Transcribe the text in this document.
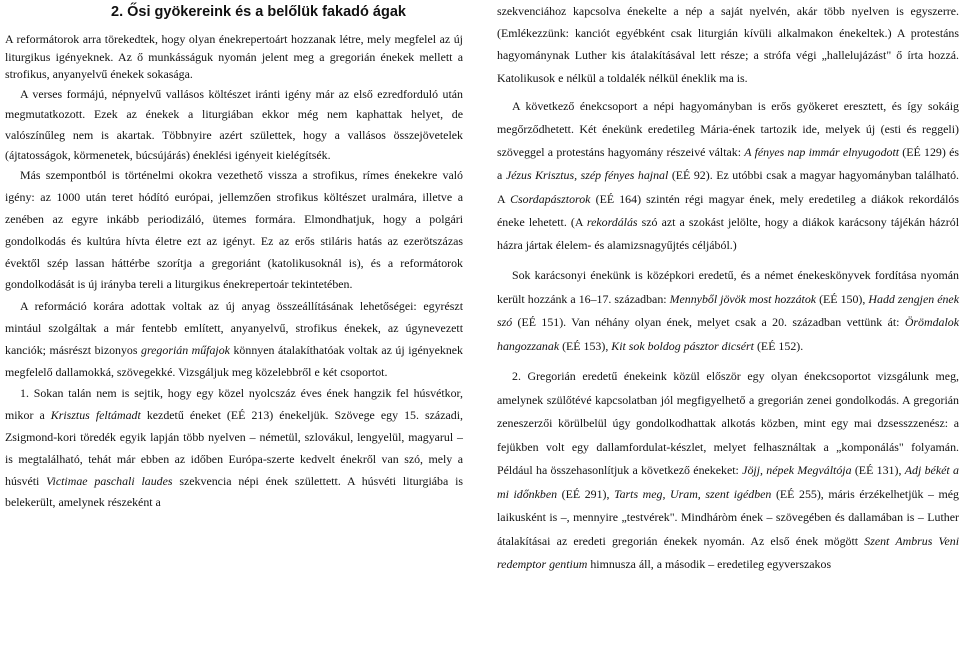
2. Ősi gyökereink és a belőlük fakadó ágak

A reformátorok arra törekedtek, hogy olyan énekrepertoárt hozzanak létre, mely megfelel az új liturgikus igényeknek. Az ő munkásságuk nyomán jelent meg a gregorián énekek mellett a strofikus, anyanyelvű énekek sokasága.

A verses formájú, népnyelvű vallásos költészet iránti igény már az első ezredforduló után megmutatkozott. Ezek az énekek a liturgiában ekkor még nem kaphattak helyet, de valószínűleg nem is akartak. Többnyire azért születtek, hogy a vallásos összejövetelek (ájtatosságok, körmenetek, búcsújárás) éneklési igényeit kielégítsék.

Más szempontból is történelmi okokra vezethető vissza a strofikus, rímes énekekre való igény: az 1000 után teret hódító európai, jellemzően strofikus költészet uralmára, illetve a zenében az egyre inkább periodizáló, ütemes formára. Elmondhatjuk, hogy a polgári gondolkodás és kultúra hívta életre ezt az igényt. Ez az erős stiláris hatás az ezerötszázas évektől szép lassan háttérbe szorítja a gregoriánt (katolikusoknál is), és a reformátorok gondolkodását is új irányba tereli a liturgikus énekrepertoár tekintetében.

A reformáció korára adottak voltak az új anyag összeállításának lehetőségei: egyrészt mintául szolgáltak a már fentebb említett, anyanyelvű, strofikus énekek, az úgynevezett kanciók; másrészt bizonyos gregorián műfajok könnyen átalakíthatóak voltak az új igényeknek megfelelő dallamokká, szövegekké. Vizsgáljuk meg közelebbről e két csoportot.

1. Sokan talán nem is sejtik, hogy egy közel nyolcszáz éves ének hangzik fel húsvétkor, mikor a Krisztus feltámadt kezdetű éneket (EÉ 213) énekeljük. Szövege egy 15. századi, Zsigmond-kori töredék egyik lapján több nyelven – németül, szlovákul, lengyelül, magyarul – is megtalálható, tehát már ebben az időben Európa-szerte kedvelt énekről van szó, mely a húsvéti Victimae paschali laudes szekvencia népi ének születtett. A húsvéti liturgiába is belekerült, amelynek részeként a

szekvenciához kapcsolva énekelte a nép a saját nyelvén, akár több nyelven is egyszerre. (Emlékezzünk: kanciót egyébként csak liturgián kívüli alkalmakon énekeltek.) A protestáns hagyománynak Luther kis átalakításával lett része; a strófa végi „hallelujázást" ő írta hozzá. Katolikusok e nélkül a toldalék nélkül éneklik ma is.

A következő énekcsoport a népi hagyományban is erős gyökeret eresztett, és így sokáig megőrződhetett. Két énekünk eredetileg Mária-ének tartozik ide, melyek új (esti és reggeli) szöveggel a protestáns hagyomány részeivé váltak: A fényes nap immár elnyugodott (EÉ 129) és a Jézus Krisztus, szép fényes hajnal (EÉ 92). Ez utóbbi csak a magyar hagyományban található. A Csordapásztorok (EÉ 164) szintén régi magyar ének, mely eredetileg a diákok rekordálós éneke lehetett. (A rekordálás szó azt a szokást jelölte, hogy a diákok karácsony tájékán házról házra jártak élelem- és alamizsnagyűjtés céljából.)

Sok karácsonyi énekünk is középkori eredetű, és a német énekeskönyvek fordítása nyomán került hozzánk a 16–17. században: Mennyből jövök most hozzátok (EÉ 150), Hadd zengjen ének szó (EÉ 151). Van néhány olyan ének, melyet csak a 20. században vettünk át: Örömdalok hangozzanak (EÉ 153), Kit sok boldog pásztor dicsért (EÉ 152).

2. Gregorián eredetű énekeink közül először egy olyan énekcsoportot vizsgálunk meg, amelynek szülőtévé kapcsolatban jól megfigyelhető a gregorián zenei gondolkodás. A gregorián zeneszerzői körülbelül úgy gondolkodhattak alkotás közben, mint egy mai dzsesszzenész: a fejükben volt egy dallamfordulat-készlet, melyet felhasználtak a „komponálás" folyamán. Például ha összehasonlítjuk a következő énekeket: Jöjj, népek Megváltója (EÉ 131), Adj békét a mi időnkben (EÉ 291), Tarts meg, Uram, szent igédben (EÉ 255), máris érzékelhetjük – még laikusként is –, mennyire „testvérek". Mindháròm ének – szövegében és dallamában is – Luther átalakításai az eredeti gregorián énekek nyomán. Az első ének mögött Szent Ambrus Veni redemptor gentium himnusza áll, a második – eredetileg egyverszakos
